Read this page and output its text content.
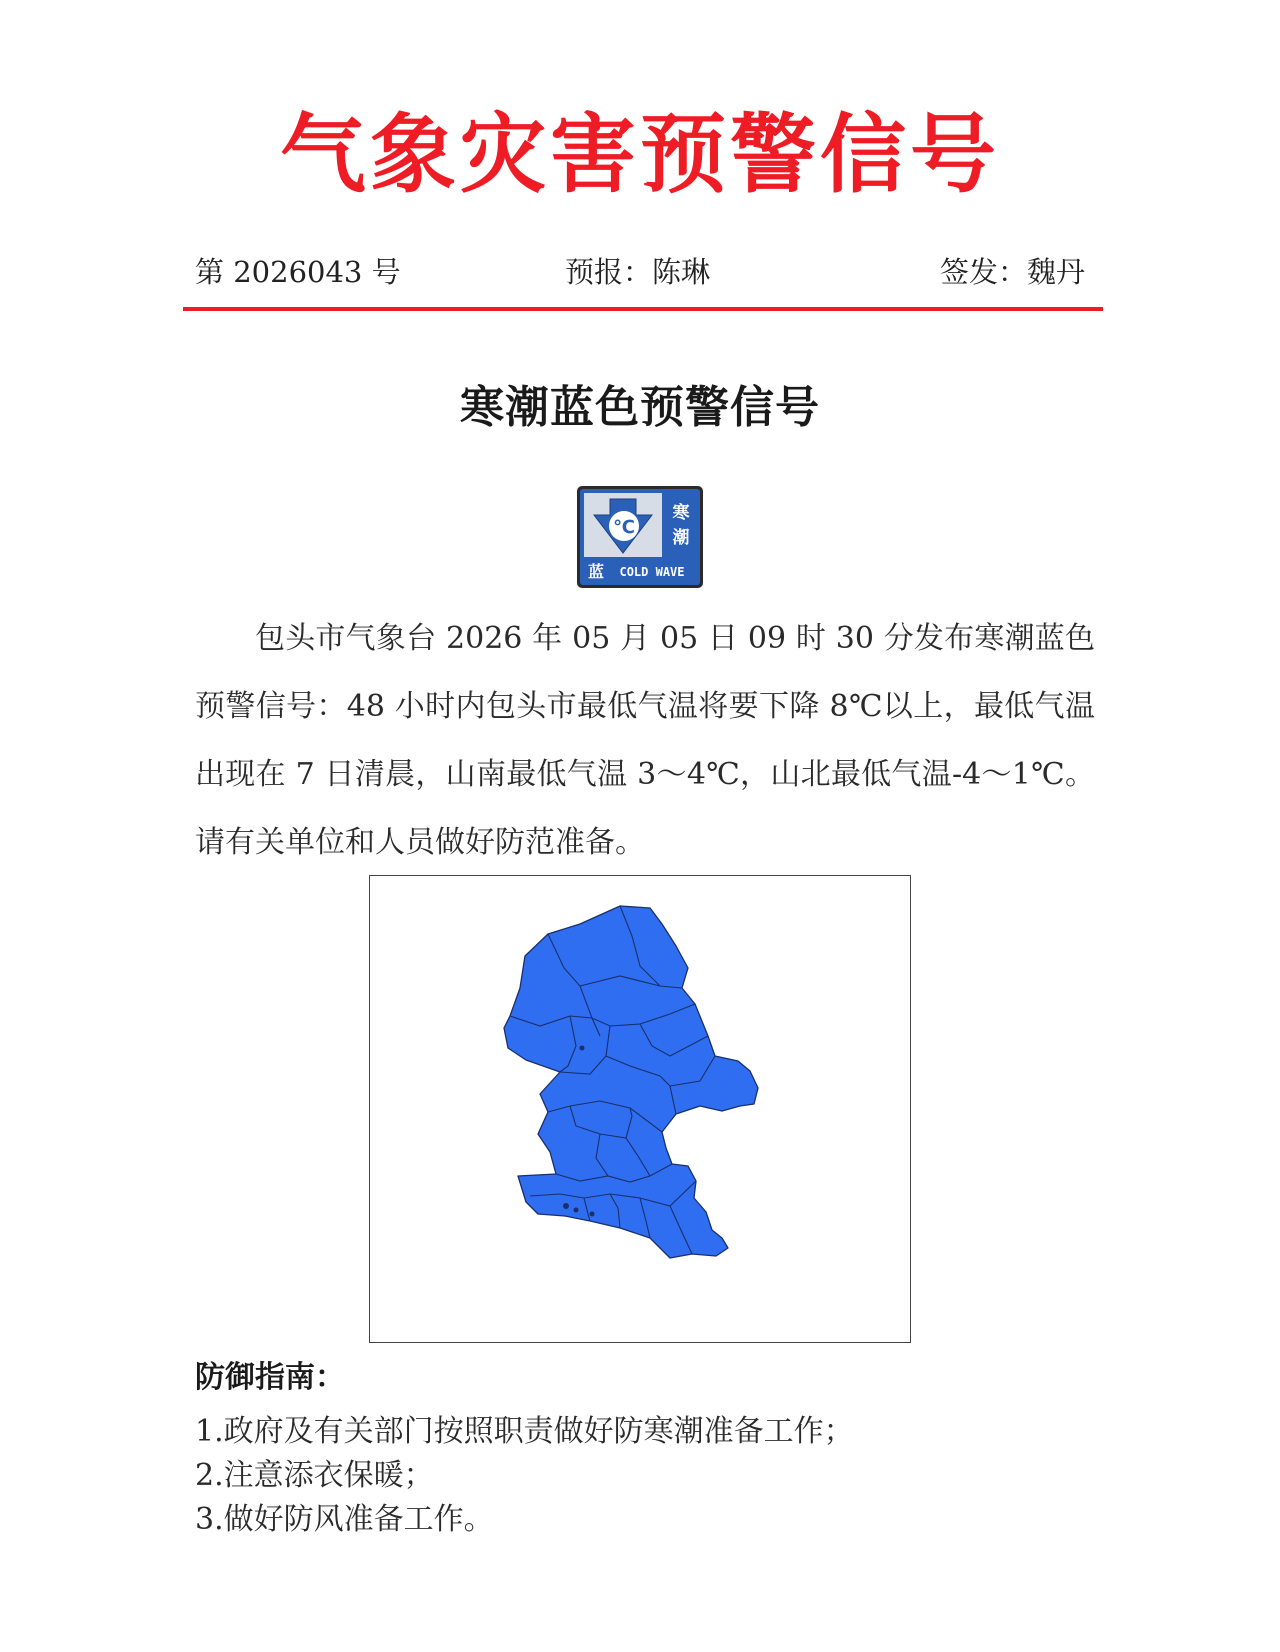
气象灾害预警信号
第 2026043 号	预报：陈琳	签发：魏丹
寒潮蓝色预警信号
℃
寒
潮
蓝 COLD WAVE
包头市气象台 2026 年 05 月 05 日 09 时 30 分发布寒潮蓝色预警信号：48 小时内包头市最低气温将要下降 8℃以上，最低气温出现在 7 日清晨，山南最低气温 3～4℃，山北最低气温-4～1℃。请有关单位和人员做好防范准备。
防御指南：
1.政府及有关部门按照职责做好防寒潮准备工作；
2.注意添衣保暖；
3.做好防风准备工作。
